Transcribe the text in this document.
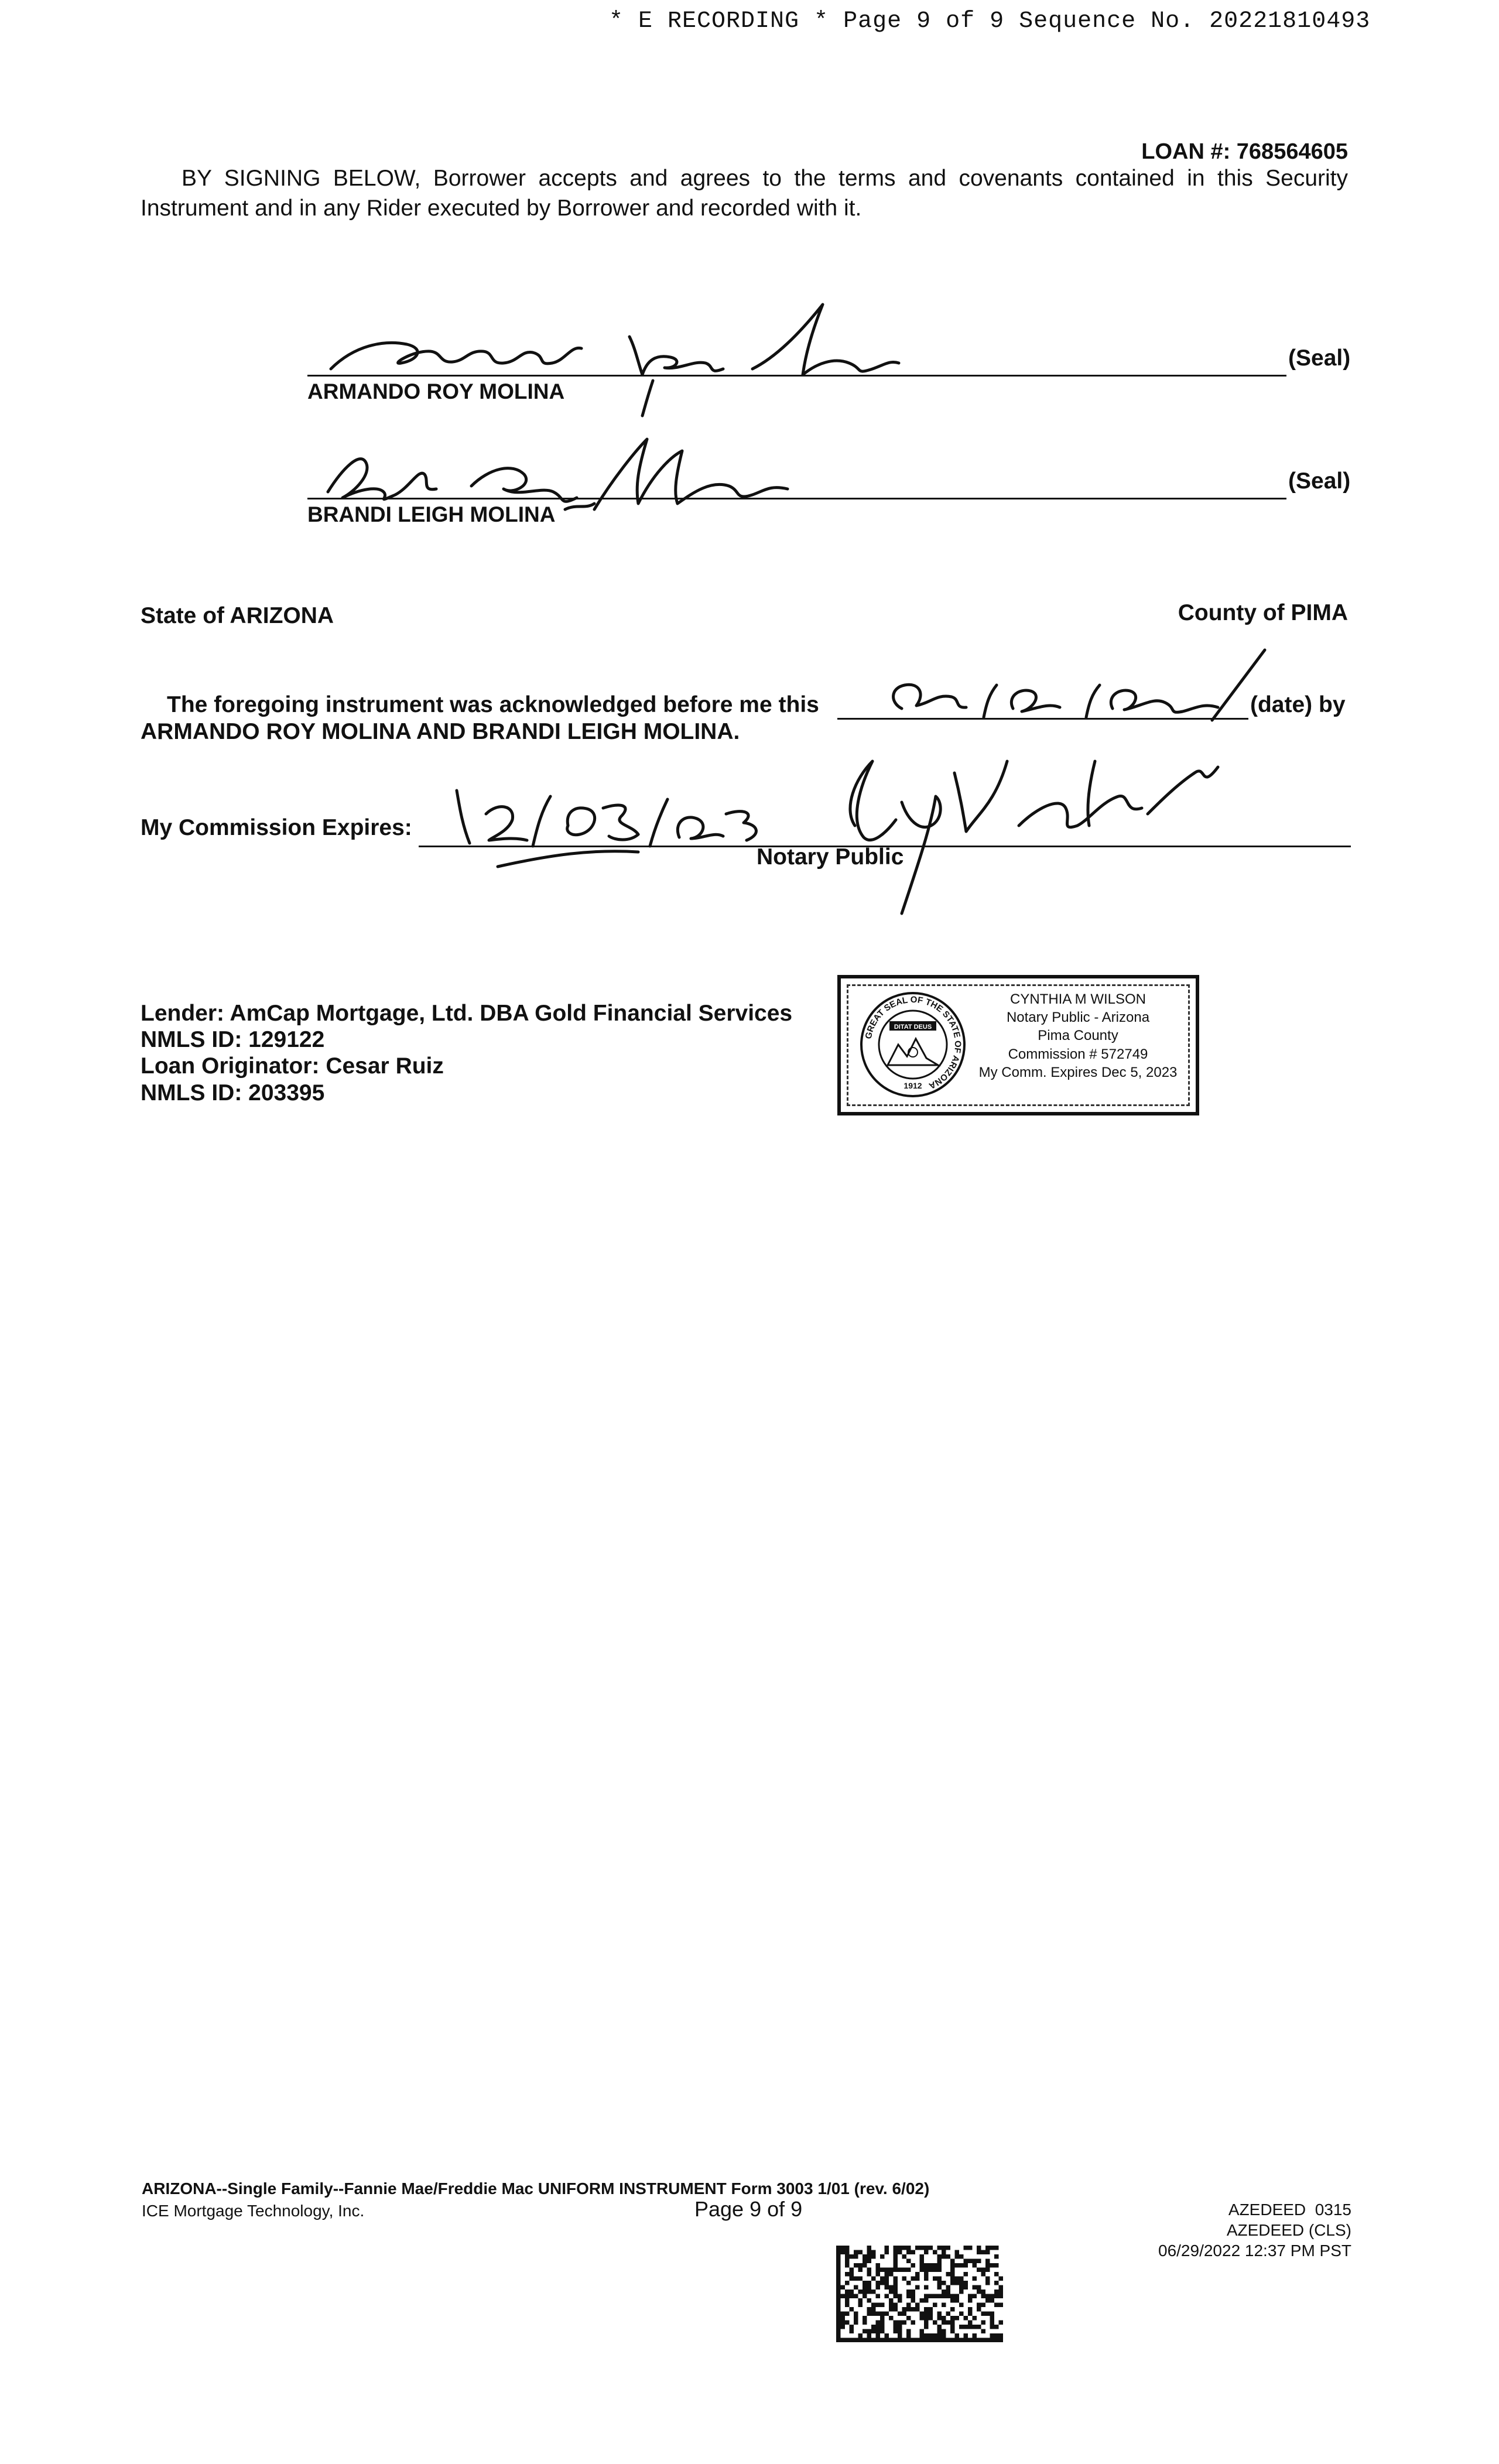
* E RECORDING * Page 9 of 9 Sequence No. 20221810493
LOAN #: 768564605
BY SIGNING BELOW, Borrower accepts and agrees to the terms and covenants contained in this Security Instrument and in any Rider executed by Borrower and recorded with it.
(Seal)
ARMANDO ROY MOLINA
(Seal)
BRANDI LEIGH MOLINA
State of ARIZONA	County of PIMA
The foregoing instrument was acknowledged before me this	(date) by
ARMANDO ROY MOLINA AND BRANDI LEIGH MOLINA.
My Commission Expires:
Notary Public
Lender: AmCap Mortgage, Ltd. DBA Gold Financial Services
NMLS ID: 129122
Loan Originator: Cesar Ruiz
NMLS ID: 203395
GREAT SEAL OF THE STATE OF ARIZONA
DITAT DEUS
1912
CYNTHIA M WILSON
Notary Public - Arizona
Pima County
Commission # 572749
My Comm. Expires Dec 5, 2023
ARIZONA--Single Family--Fannie Mae/Freddie Mac UNIFORM INSTRUMENT Form 3003 1/01 (rev. 6/02)
ICE Mortgage Technology, Inc.	Page 9 of 9	AZEDEED  0315
AZEDEED (CLS)
06/29/2022 12:37 PM PST
